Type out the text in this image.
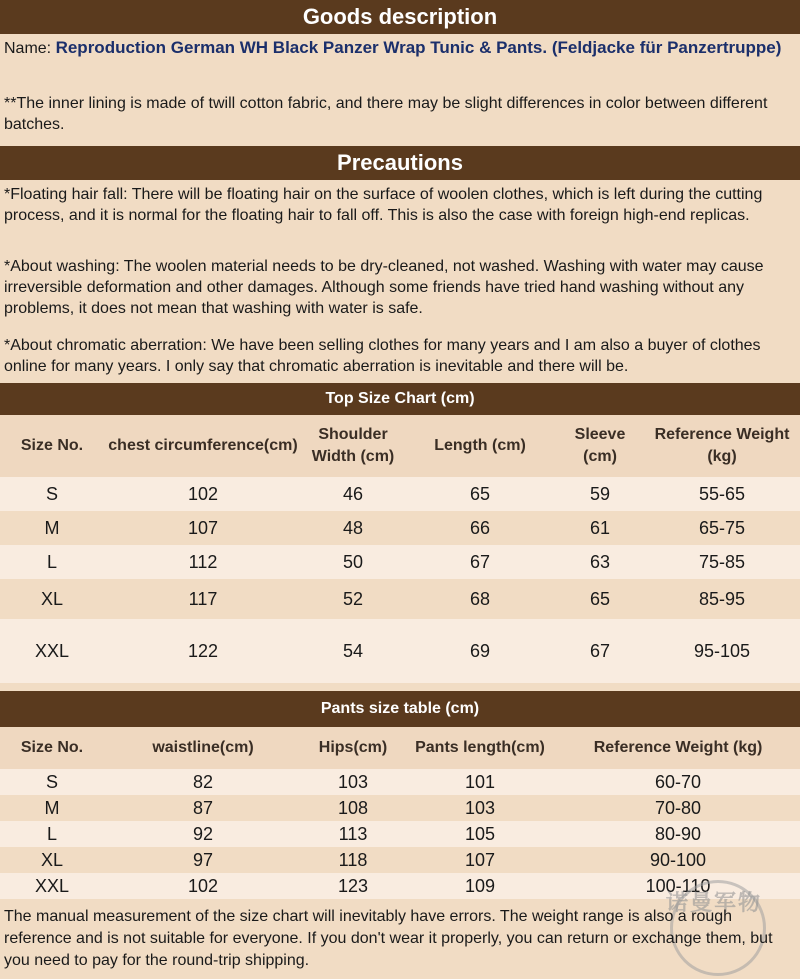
Goods description
Name: Reproduction German WH Black Panzer Wrap Tunic & Pants. (Feldjacke für Panzertruppe)
**The inner lining is made of twill cotton fabric, and there may be slight differences in color between different batches.
Precautions
*Floating hair fall: There will be floating hair on the surface of woolen clothes, which is left during the cutting process, and it is normal for the floating hair to fall off. This is also the case with foreign high-end replicas.
*About washing: The woolen material needs to be dry-cleaned, not washed. Washing with water may cause irreversible deformation and other damages. Although some friends have tried hand washing without any problems, it does not mean that washing with water is safe.
*About chromatic aberration: We have been selling clothes for many years and I am also a buyer of clothes online for many years. I only say that chromatic aberration is inevitable and there will be.
Top Size Chart (cm)
Size No.	chest circumference(cm)	Shoulder Width (cm)	Length (cm)	Sleeve (cm)	Reference Weight (kg)
S	102	46	65	59	55-65
M	107	48	66	61	65-75
L	112	50	67	63	75-85
XL	117	52	68	65	85-95
XXL	122	54	69	67	95-105
Pants size table (cm)
Size No.	waistline(cm)	Hips(cm)	Pants length(cm)	Reference Weight (kg)
S	82	103	101	60-70
M	87	108	103	70-80
L	92	113	105	80-90
XL	97	118	107	90-100
XXL	102	123	109	100-110
诺曼军物
The manual measurement of the size chart will inevitably have errors. The weight range is also a rough reference and is not suitable for everyone. If you don't wear it properly, you can return or exchange them, but you need to pay for the round-trip shipping.
